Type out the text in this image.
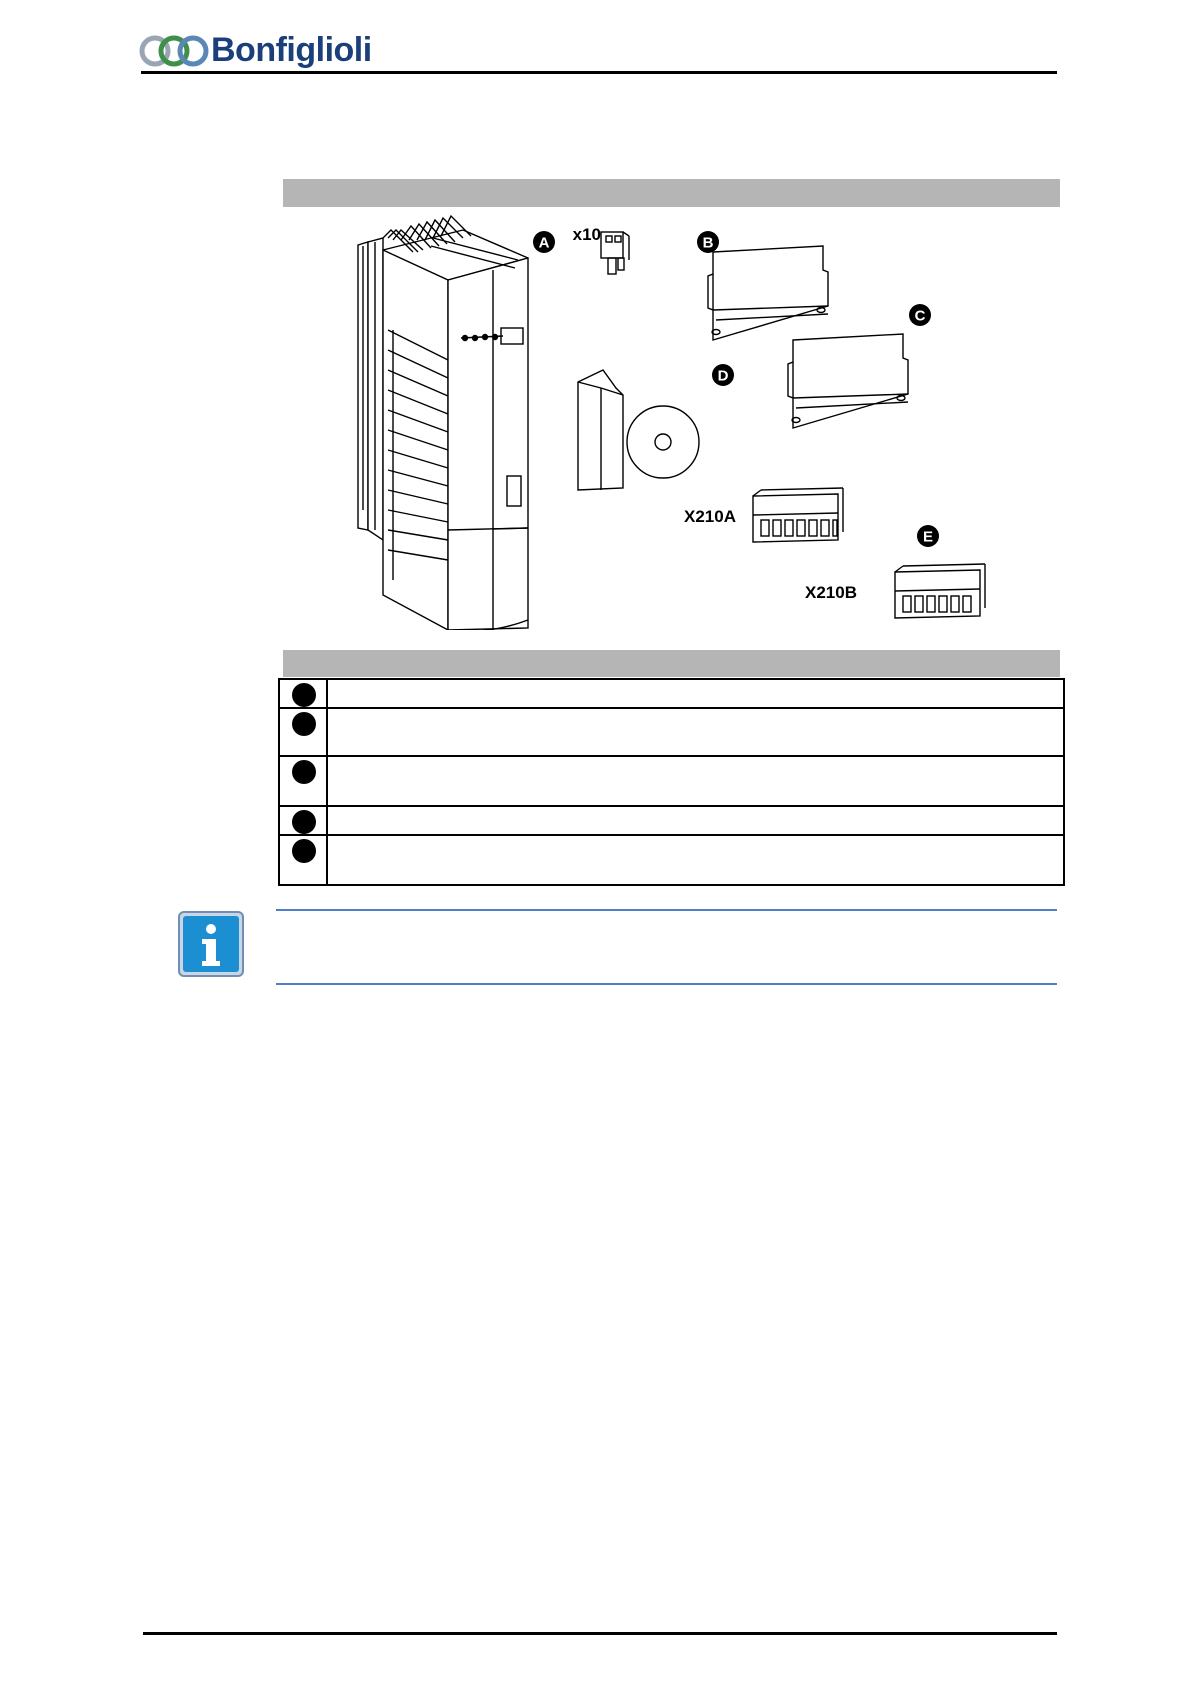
Bonfiglioli
A	B
C
D
E
x10
X210A
X210B
